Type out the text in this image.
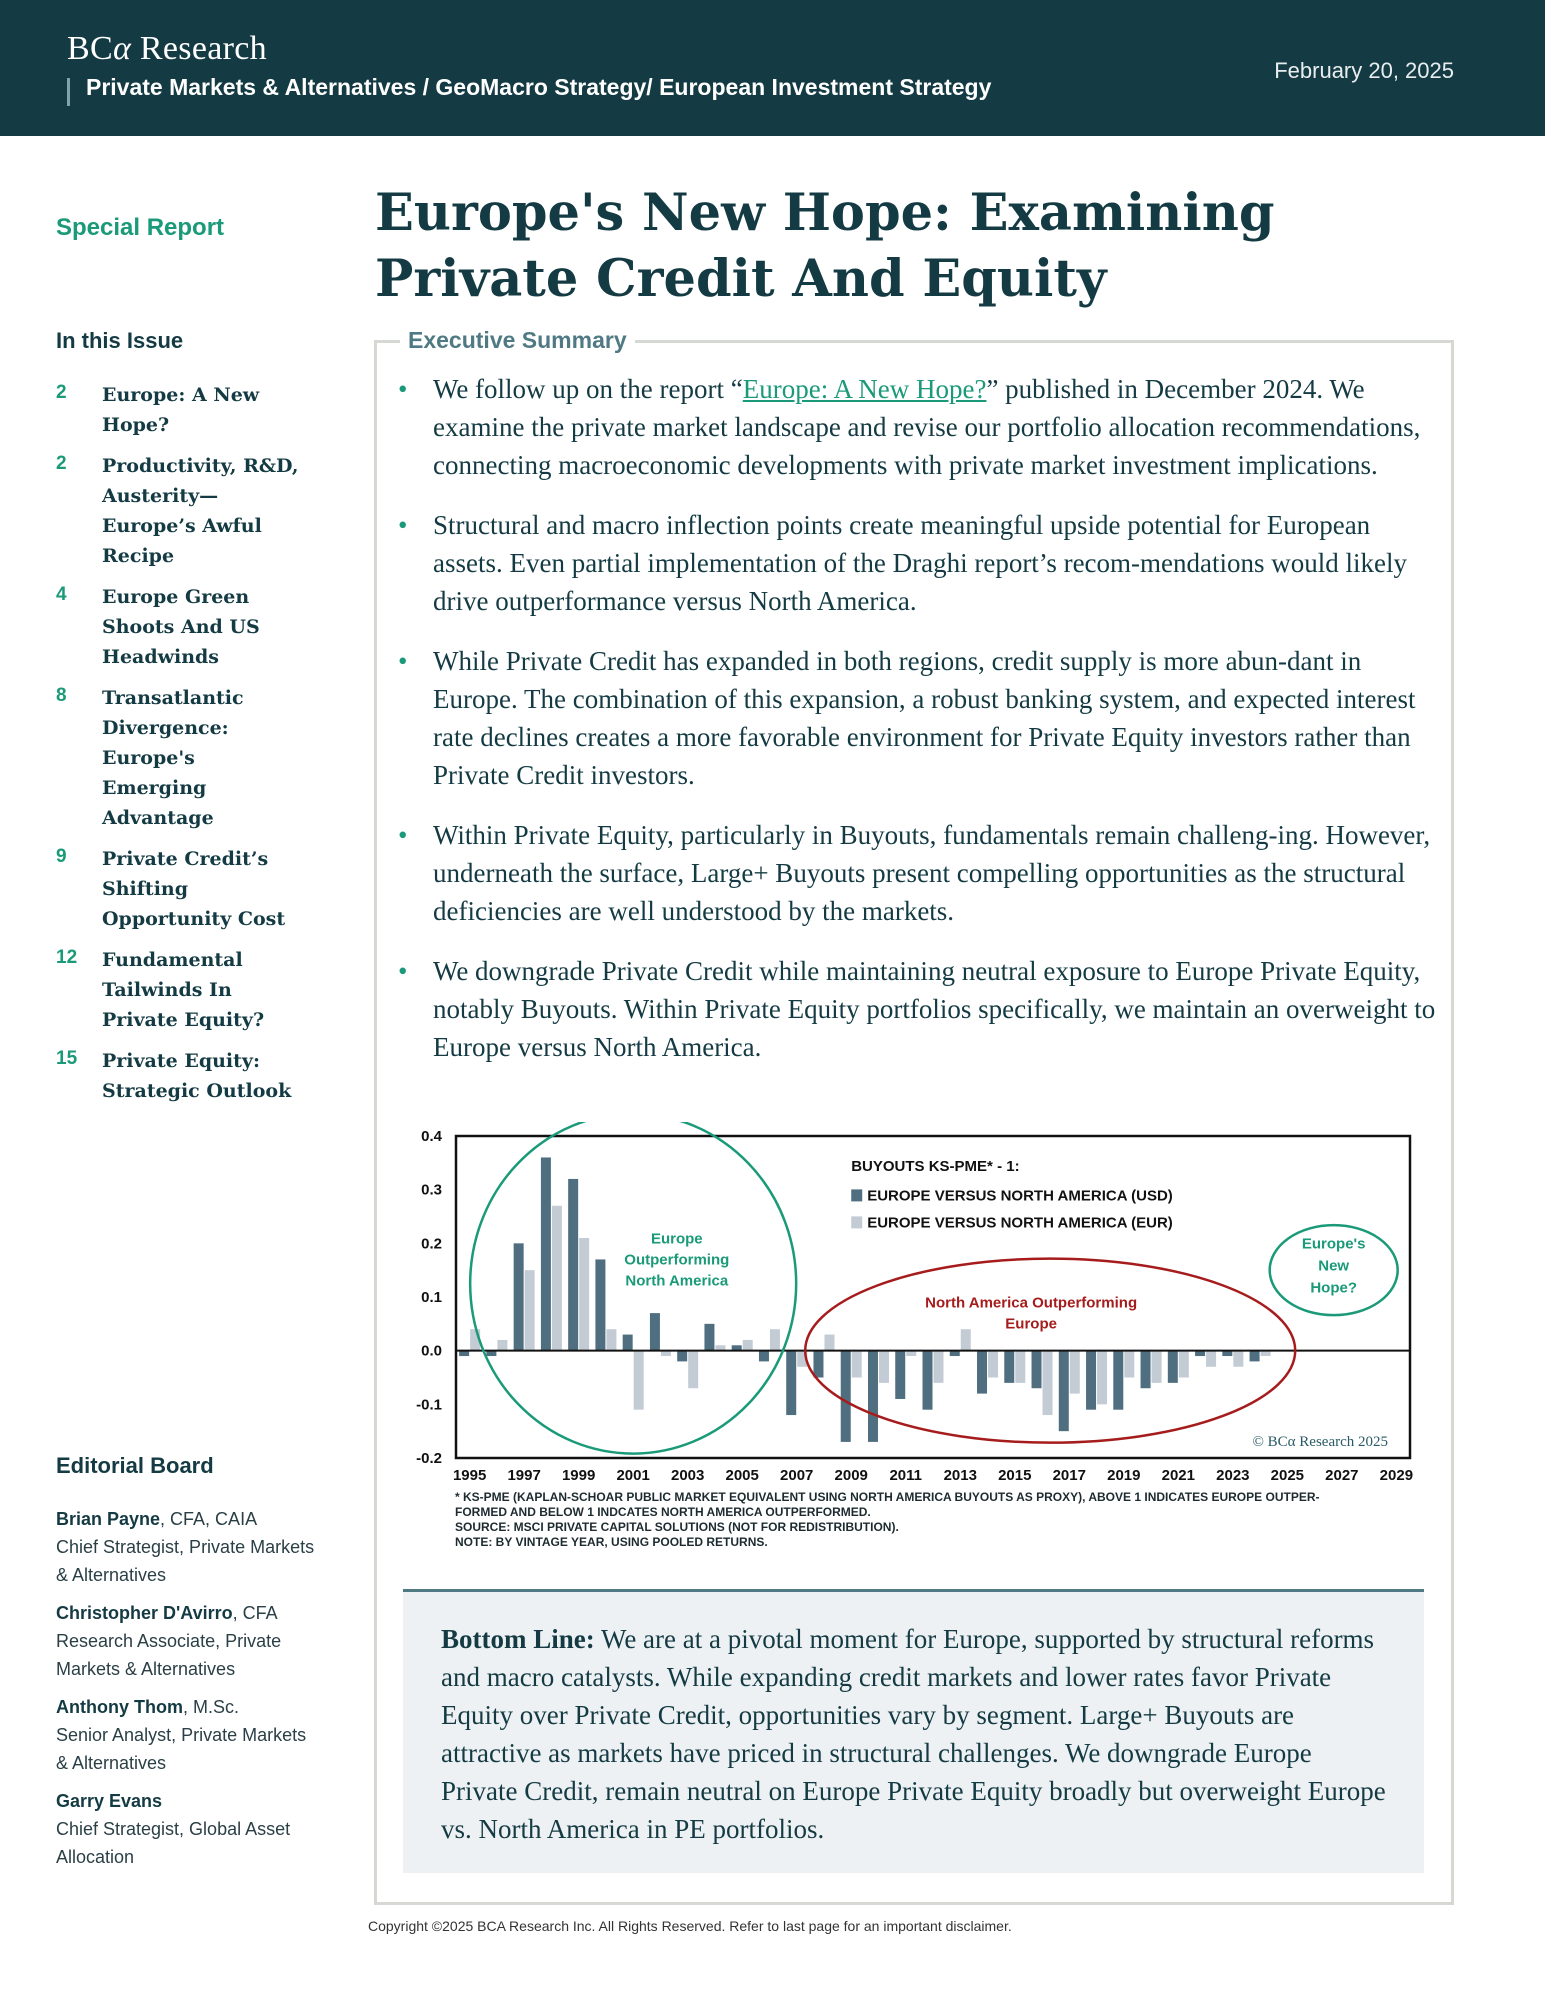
BCα Research
Private Markets & Alternatives / GeoMacro Strategy/ European Investment Strategy
February 20, 2025
Special Report	Europe's New Hope: Examining Private Credit And Equity
In this Issue
2	Europe: A New Hope?
2	Productivity, R&D, Austerity—Europe’s Awful Recipe
4	Europe Green Shoots And US Headwinds
8	Transatlantic Divergence: Europe's Emerging Advantage
9	Private Credit’s Shifting Opportunity Cost
12	Fundamental Tailwinds In Private Equity?
15	Private Equity: Strategic Outlook
Editorial Board
Brian Payne, CFA, CAIA
Chief Strategist, Private Markets & Alternatives
Christopher D'Avirro, CFA
Research Associate, Private Markets & Alternatives
Anthony Thom, M.Sc.
Senior Analyst, Private Markets & Alternatives
Garry Evans
Chief Strategist, Global Asset Allocation
Executive Summary
• We follow up on the report “Europe: A New Hope?” published in December 2024. We examine the private market landscape and revise our portfolio allocation recommendations, connecting macroeconomic developments with private market investment implications.
• Structural and macro inflection points create meaningful upside potential for European assets. Even partial implementation of the Draghi report’s recom-mendations would likely drive outperformance versus North America.
• While Private Credit has expanded in both regions, credit supply is more abun-dant in Europe. The combination of this expansion, a robust banking system, and expected interest rate declines creates a more favorable environment for Private Equity investors rather than Private Credit investors.
• Within Private Equity, particularly in Buyouts, fundamentals remain challeng-ing. However, underneath the surface, Large+ Buyouts present compelling opportunities as the structural deficiencies are well understood by the markets.
• We downgrade Private Credit while maintaining neutral exposure to Europe Private Equity, notably Buyouts. Within Private Equity portfolios specifically, we maintain an overweight to Europe versus North America.
0.4
0.3
0.2
0.1
0.0
-0.1
-0.2
1995 1997 1999 2001 2003 2005 2007 2009 2011 2013 2015 2017 2019 2021 2023 2025 2027 2029
Europe
Outperforming
North America
North America Outperforming
Europe
Europe's
New
Hope?
BUYOUTS KS-PME* - 1:
EUROPE VERSUS NORTH AMERICA (USD)
EUROPE VERSUS NORTH AMERICA (EUR)
© BCα Research 2025
* KS-PME (KAPLAN-SCHOAR PUBLIC MARKET EQUIVALENT USING NORTH AMERICA BUYOUTS AS PROXY), ABOVE 1 INDICATES EUROPE OUTPER-
FORMED AND BELOW 1 INDCATES NORTH AMERICA OUTPERFORMED.
SOURCE: MSCI PRIVATE CAPITAL SOLUTIONS (NOT FOR REDISTRIBUTION).
NOTE: BY VINTAGE YEAR, USING POOLED RETURNS.
Bottom Line: We are at a pivotal moment for Europe, supported by structural reforms and macro catalysts. While expanding credit markets and lower rates favor Private Equity over Private Credit, opportunities vary by segment. Large+ Buyouts are attractive as markets have priced in structural challenges. We downgrade Europe Private Credit, remain neutral on Europe Private Equity broadly but overweight Europe vs. North America in PE portfolios.
Copyright ©2025 BCA Research Inc. All Rights Reserved. Refer to last page for an important disclaimer.
